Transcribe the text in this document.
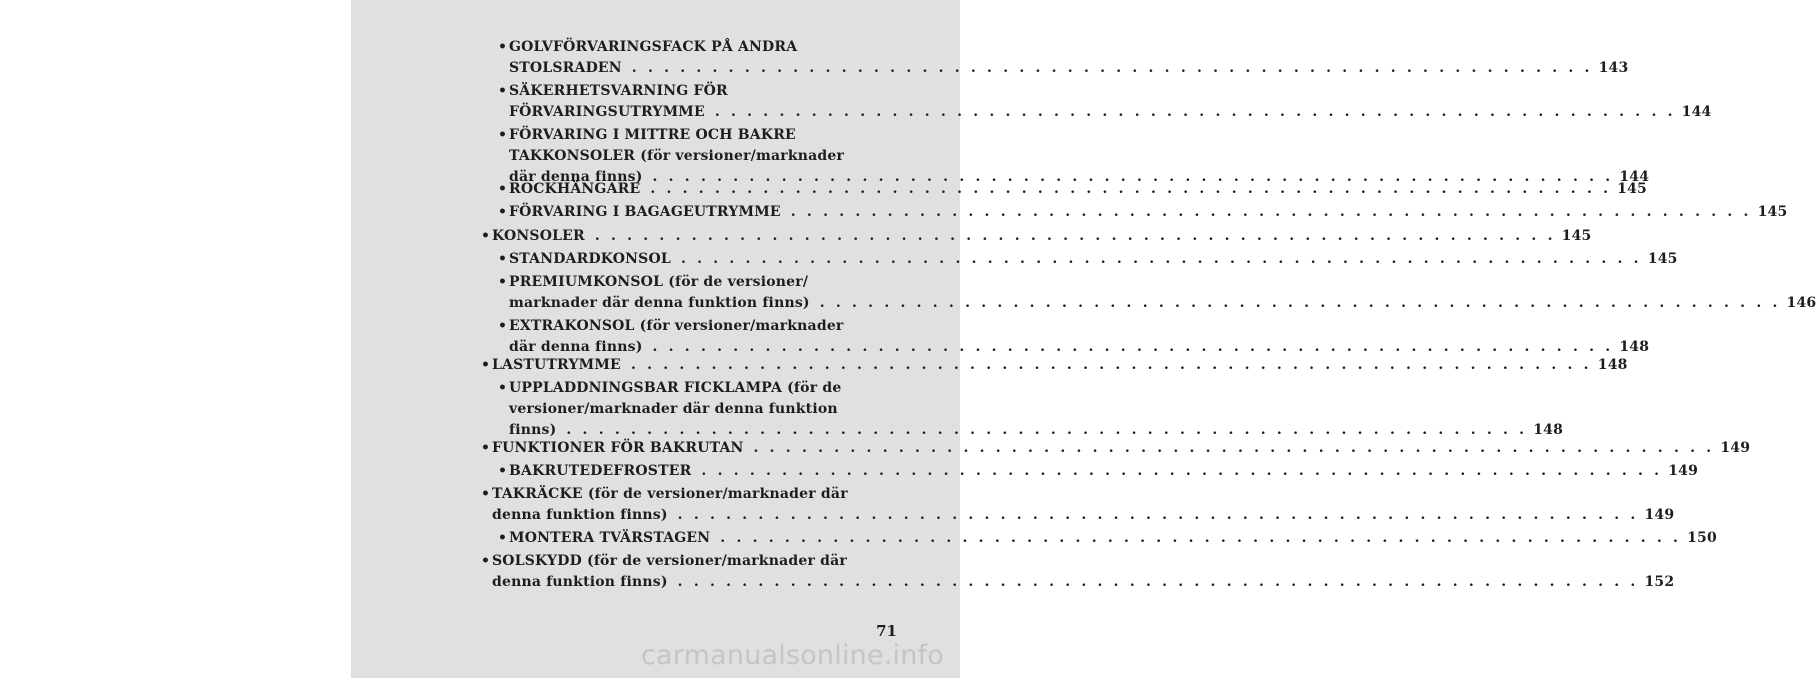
• GOLVFÖRVARINGSFACK PÅ ANDRA
STOLSRADEN . . . . . . . . . . . . . . . . . . . . . . . . . . . . . . . . . . . . . . . . . . . . . . . . . . . . . . . . . . . . 143
• SÄKERHETSVARNING FÖR
FÖRVARINGSUTRYMME . . . . . . . . . . . . . . . . . . . . . . . . . . . . . . . . . . . . . . . . . . . . . . . . . . . . . . . . . . . . 144
• FÖRVARING I MITTRE OCH BAKRE
TAKKONSOLER (för versioner/marknader
där denna finns) . . . . . . . . . . . . . . . . . . . . . . . . . . . . . . . . . . . . . . . . . . . . . . . . . . . . . . . . . . . . 144
• ROCKHÄNGARE . . . . . . . . . . . . . . . . . . . . . . . . . . . . . . . . . . . . . . . . . . . . . . . . . . . . . . . . . . . . 145
• FÖRVARING I BAGAGEUTRYMME . . . . . . . . . . . . . . . . . . . . . . . . . . . . . . . . . . . . . . . . . . . . . . . . . . . . . . . . . . . . 145
• KONSOLER . . . . . . . . . . . . . . . . . . . . . . . . . . . . . . . . . . . . . . . . . . . . . . . . . . . . . . . . . . . . 145
• STANDARDKONSOL . . . . . . . . . . . . . . . . . . . . . . . . . . . . . . . . . . . . . . . . . . . . . . . . . . . . . . . . . . . . 145
• PREMIUMKONSOL (för de versioner/
marknader där denna funktion finns) . . . . . . . . . . . . . . . . . . . . . . . . . . . . . . . . . . . . . . . . . . . . . . . . . . . . . . . . . . . . 146
• EXTRAKONSOL (för versioner/marknader
där denna finns) . . . . . . . . . . . . . . . . . . . . . . . . . . . . . . . . . . . . . . . . . . . . . . . . . . . . . . . . . . . . 148
• LASTUTRYMME . . . . . . . . . . . . . . . . . . . . . . . . . . . . . . . . . . . . . . . . . . . . . . . . . . . . . . . . . . . . 148
• UPPLADDNINGSBAR FICKLAMPA (för de
versioner/marknader där denna funktion
finns) . . . . . . . . . . . . . . . . . . . . . . . . . . . . . . . . . . . . . . . . . . . . . . . . . . . . . . . . . . . . 148
• FUNKTIONER FÖR BAKRUTAN . . . . . . . . . . . . . . . . . . . . . . . . . . . . . . . . . . . . . . . . . . . . . . . . . . . . . . . . . . . . 149
• BAKRUTEDEFROSTER . . . . . . . . . . . . . . . . . . . . . . . . . . . . . . . . . . . . . . . . . . . . . . . . . . . . . . . . . . . . 149
• TAKRÄCKE (för de versioner/marknader där
denna funktion finns) . . . . . . . . . . . . . . . . . . . . . . . . . . . . . . . . . . . . . . . . . . . . . . . . . . . . . . . . . . . . 149
• MONTERA TVÄRSTAGEN . . . . . . . . . . . . . . . . . . . . . . . . . . . . . . . . . . . . . . . . . . . . . . . . . . . . . . . . . . . . 150
• SOLSKYDD (för de versioner/marknader där
denna funktion finns) . . . . . . . . . . . . . . . . . . . . . . . . . . . . . . . . . . . . . . . . . . . . . . . . . . . . . . . . . . . . 152
71
carmanualsonline.info
